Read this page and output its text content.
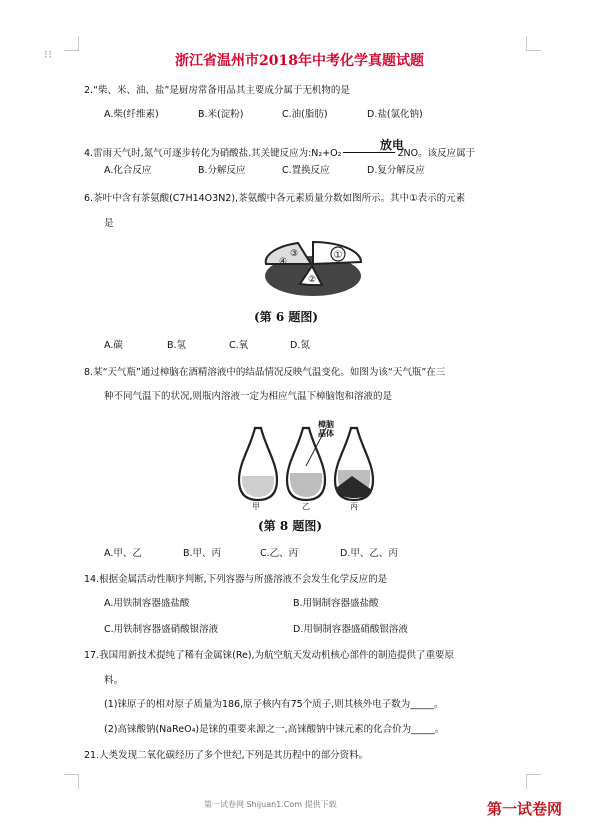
⁝⁝	浙江省温州市2018年中考化学真题试题
2.“柴、米、油、盐”是厨房常备用品其主要成分属于无机物的是
A.柴(纤维素)	B.米(淀粉)	C.油(脂肪)	D.盐(氯化钠)
4.雷雨天气时,氮气可逐步转化为硝酸盐.其关键反应为:N₂+O₂	2NO。该反应属于
放电
A.化合反应	B.分解反应	C.置换反应	D.复分解反应
6.茶叶中含有茶氨酸(C7H14O3N2),茶氨酸中各元素质量分数如图所示。其中①表示的元素
是
①
②
③
④
(第 6 题图)
A.碳	B.氢	C.氧	D.氮
8.某“天气瓶”通过樟脑在酒精溶液中的结晶情况反映气温变化。如图为该“天气瓶”在三
种不同气温下的状况,则瓶内溶液一定为相应气温下樟脑饱和溶液的是
甲	乙	丙
樟脑晶体
(第 8 题图)
A.甲、乙	B.甲、丙	C.乙、丙	D.甲、乙、丙
14.根据金属活动性顺序判断,下列容器与所盛溶液不会发生化学反应的是
A.用铁制容器盛盐酸	B.用铜制容器盛盐酸
C.用铁制容器盛硝酸银溶液	D.用铜制容器盛硝酸银溶液
17.我国用新技术提纯了稀有金属铼(Re),为航空航天发动机核心部件的制造提供了重要原
料。
(1)铼原子的相对原子质量为186,原子核内有75个质子,则其核外电子数为_____。
(2)高铼酸钠(NaReO₄)是铼的重要来源之一,高铼酸钠中铼元素的化合价为_____。
21.人类发现二氧化碳经历了多个世纪,下列是其历程中的部分资料。
第一试卷网 Shijuan1.Com 提供下载	第一试卷网
